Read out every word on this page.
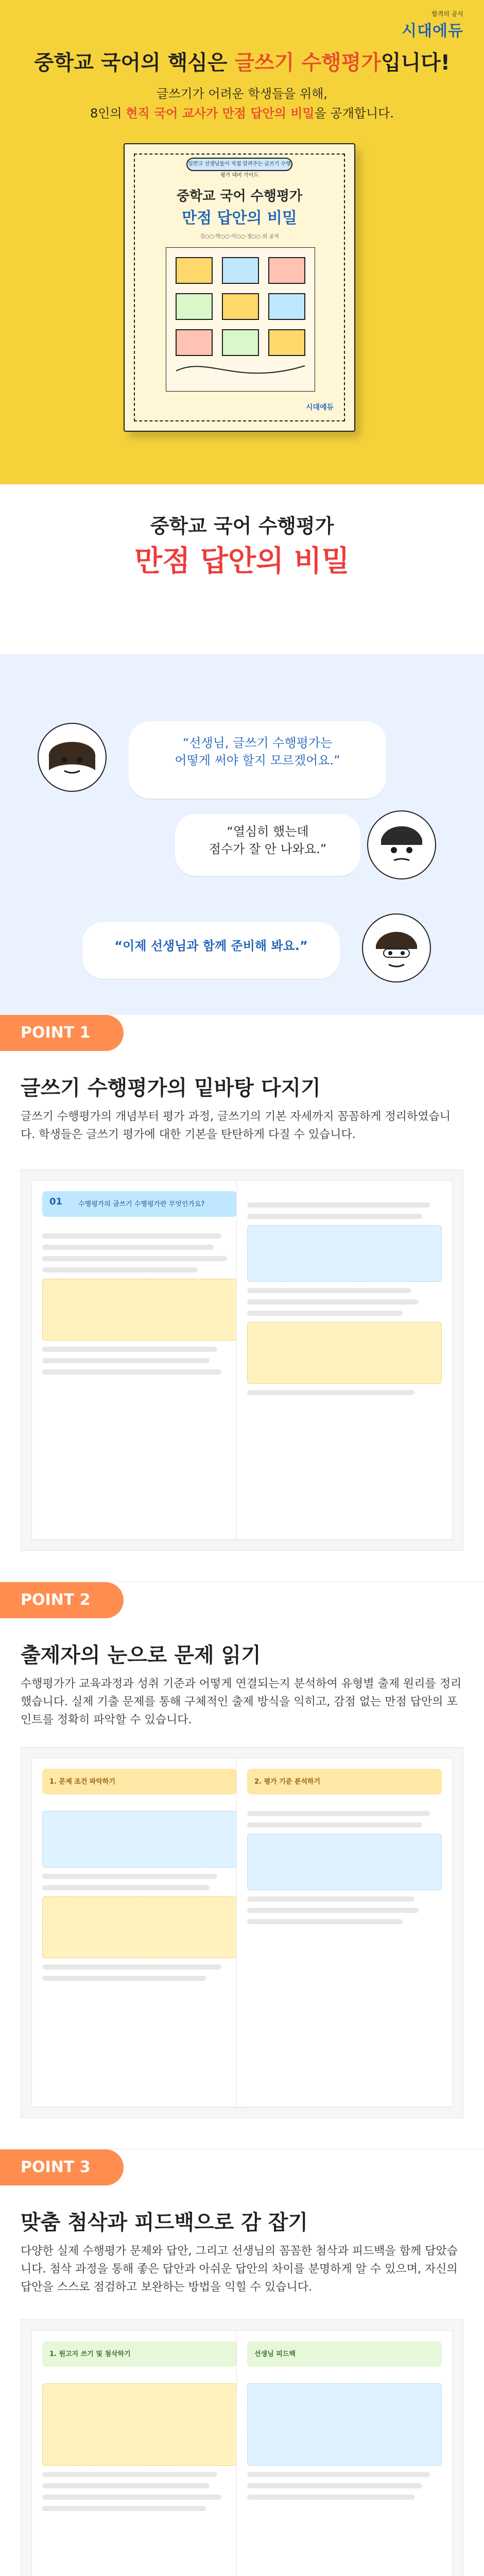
합격의 공식
시대에듀
중학교 국어의 핵심은 글쓰기 수행평가입니다!
글쓰기가 어려운 학생들을 위해,
8인의 현직 국어 교사가 만점 답안의 비밀을 공개합니다.
일반고 선생님들이 직접 알려주는 글쓰기 수행평가 대비 가이드
중학교 국어 수행평가
만점 답안의 비밀
김○○·박○○·이○○·정○○ 외 공저
시대에듀
중학교 국어 수행평가
만점 답안의 비밀
“선생님, 글쓰기 수행평가는
어떻게 써야 할지 모르겠어요.”
“열심히 했는데
점수가 잘 안 나와요.”
“이제 선생님과 함께 준비해 봐요.”
POINT 1
글쓰기 수행평가의 밑바탕 다지기
글쓰기 수행평가의 개념부터 평가 과정, 글쓰기의 기본 자세까지 꼼꼼하게 정리하였습니다. 학생들은 글쓰기 평가에 대한 기본을 탄탄하게 다질 수 있습니다.
01 수행평가의 글쓰기 수행평가란 무엇인가요?
POINT 2
출제자의 눈으로 문제 읽기
수행평가가 교육과정과 성취 기준과 어떻게 연결되는지 분석하여 유형별 출제 원리를 정리했습니다. 실제 기출 문제를 통해 구체적인 출제 방식을 익히고, 감점 없는 만점 답안의 포인트를 정확히 파악할 수 있습니다.
1. 문제 조건 파악하기	2. 평가 기준 분석하기
POINT 3
맞춤 첨삭과 피드백으로 감 잡기
다양한 실제 수행평가 문제와 답안, 그리고 선생님의 꼼꼼한 첨삭과 피드백을 함께 담았습니다. 첨삭 과정을 통해 좋은 답안과 아쉬운 답안의 차이를 분명하게 알 수 있으며, 자신의 답안을 스스로 점검하고 보완하는 방법을 익힐 수 있습니다.
1. 원고지 쓰기 및 첨삭하기	선생님 피드백
